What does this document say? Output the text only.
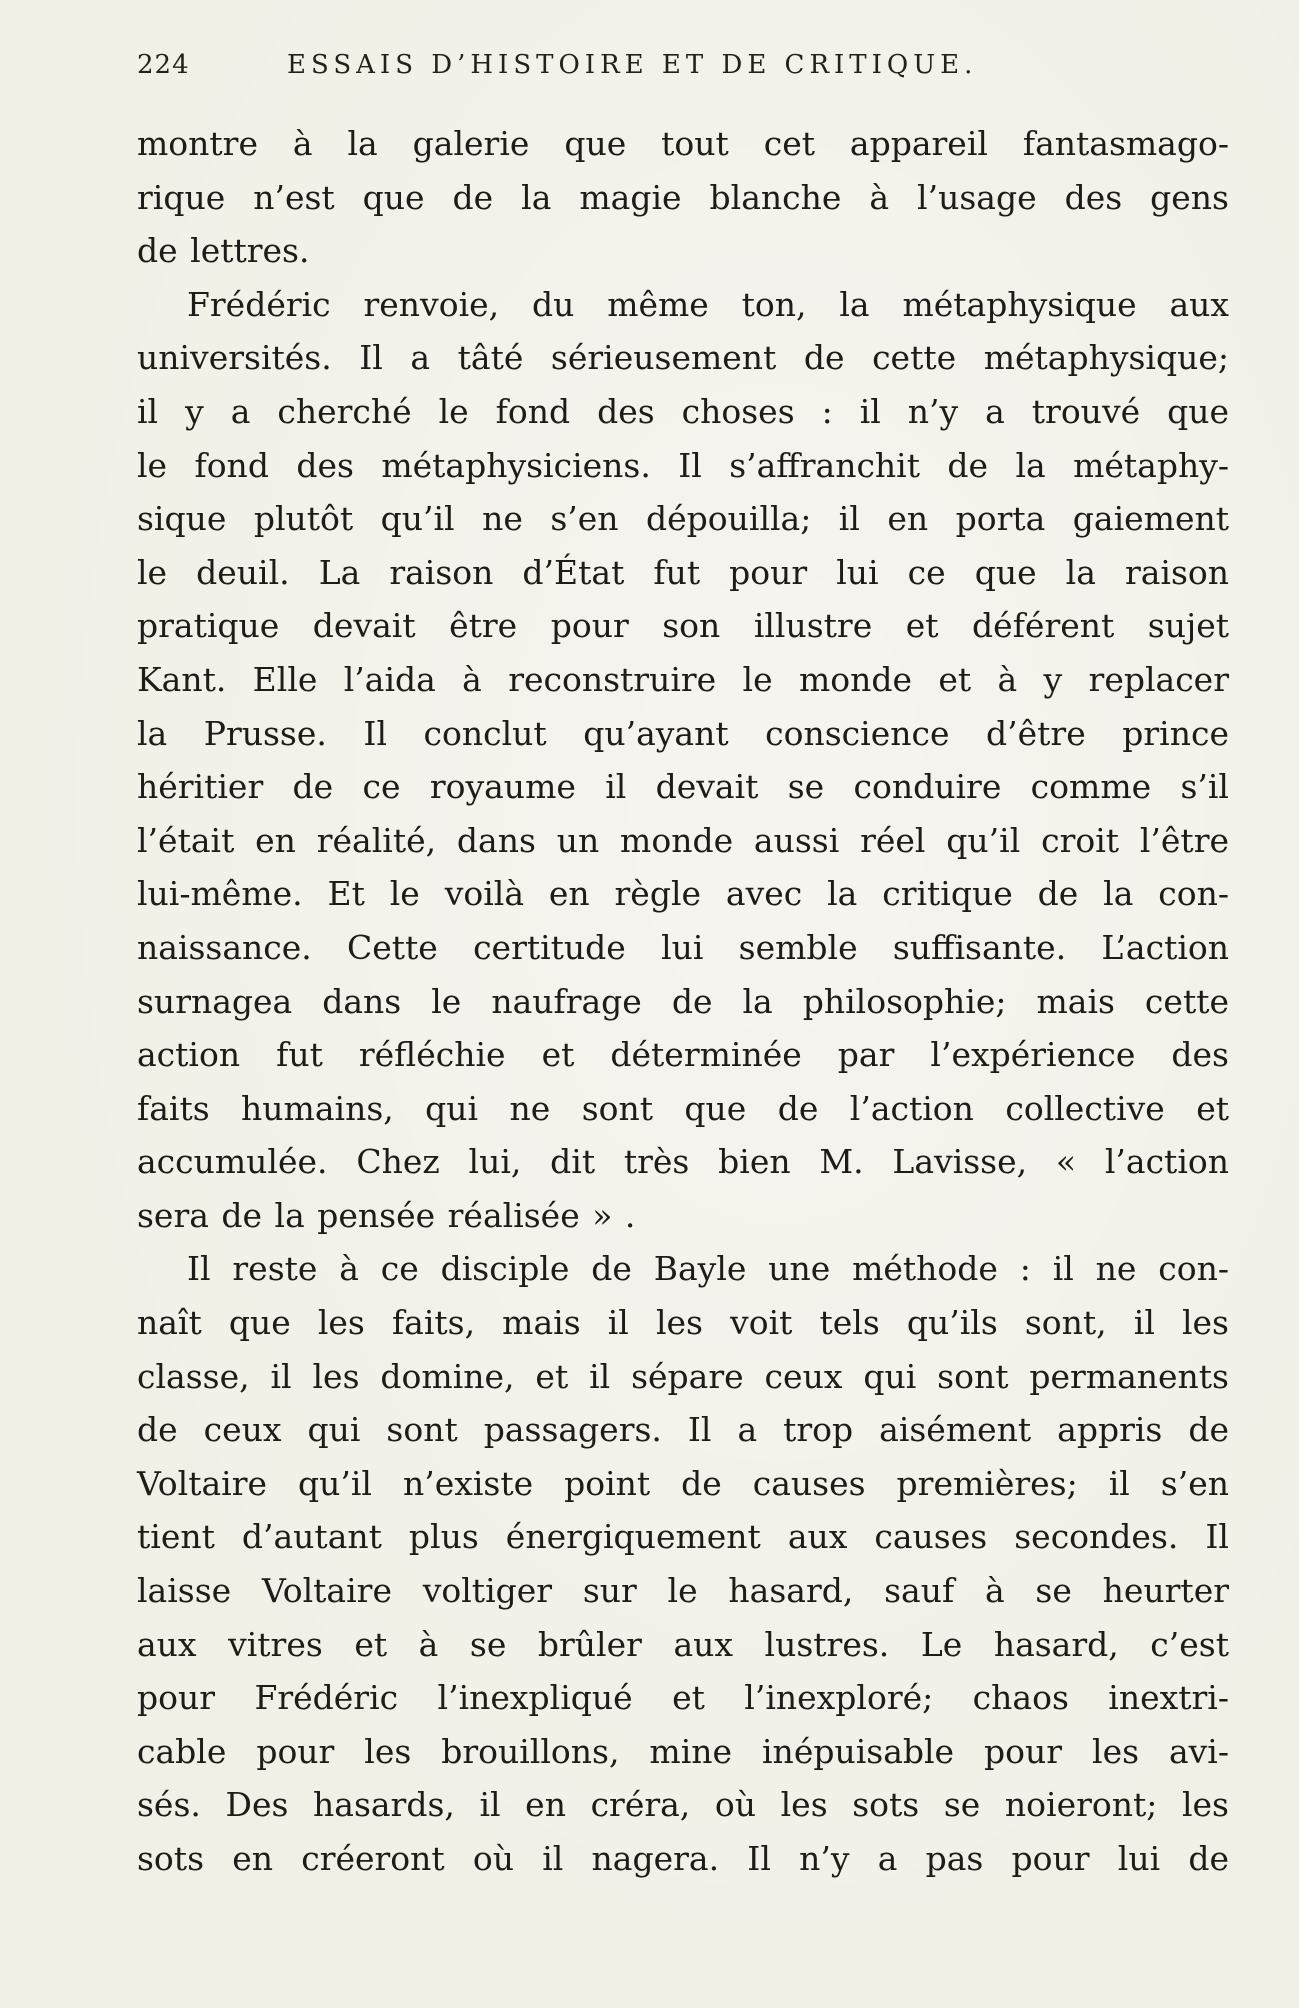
224	ESSAIS D’HISTOIRE ET DE CRITIQUE.
montre à la galerie que tout cet appareil fantasmago-
rique n’est que de la magie blanche à l’usage des gens
de lettres.
Frédéric renvoie, du même ton, la métaphysique aux
universités. Il a tâté sérieusement de cette métaphysique;
il y a cherché le fond des choses : il n’y a trouvé que
le fond des métaphysiciens. Il s’affranchit de la métaphy-
sique plutôt qu’il ne s’en dépouilla; il en porta gaiement
le deuil. La raison d’État fut pour lui ce que la raison
pratique devait être pour son illustre et déférent sujet
Kant. Elle l’aida à reconstruire le monde et à y replacer
la Prusse. Il conclut qu’ayant conscience d’être prince
héritier de ce royaume il devait se conduire comme s’il
l’était en réalité, dans un monde aussi réel qu’il croit l’être
lui-même. Et le voilà en règle avec la critique de la con-
naissance. Cette certitude lui semble suffisante. L’action
surnagea dans le naufrage de la philosophie; mais cette
action fut réfléchie et déterminée par l’expérience des
faits humains, qui ne sont que de l’action collective et
accumulée. Chez lui, dit très bien M. Lavisse, « l’action
sera de la pensée réalisée » .
Il reste à ce disciple de Bayle une méthode : il ne con-
naît que les faits, mais il les voit tels qu’ils sont, il les
classe, il les domine, et il sépare ceux qui sont permanents
de ceux qui sont passagers. Il a trop aisément appris de
Voltaire qu’il n’existe point de causes premières; il s’en
tient d’autant plus énergiquement aux causes secondes. Il
laisse Voltaire voltiger sur le hasard, sauf à se heurter
aux vitres et à se brûler aux lustres. Le hasard, c’est
pour Frédéric l’inexpliqué et l’inexploré; chaos inextri-
cable pour les brouillons, mine inépuisable pour les avi-
sés. Des hasards, il en créra, où les sots se noieront; les
sots en créeront où il nagera. Il n’y a pas pour lui de
